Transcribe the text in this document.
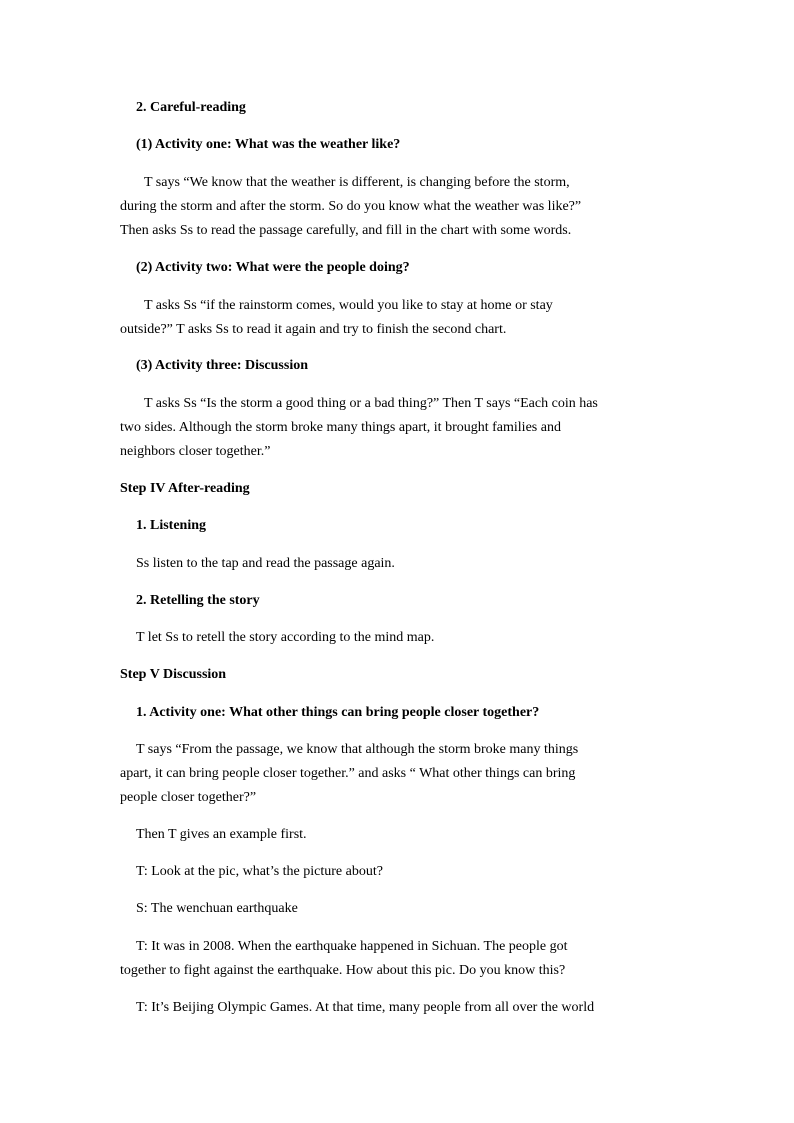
2. Careful-reading

(1) Activity one: What was the weather like?

T says “We know that the weather is different, is changing before the storm,
during the storm and after the storm. So do you know what the weather was like?”
Then asks Ss to read the passage carefully, and fill in the chart with some words.

(2) Activity two: What were the people doing?

T asks Ss “if the rainstorm comes, would you like to stay at home or stay
outside?” T asks Ss to read it again and try to finish the second chart.

(3) Activity three: Discussion

T asks Ss “Is the storm a good thing or a bad thing?” Then T says “Each coin has
two sides. Although the storm broke many things apart, it brought families and
neighbors closer together.”

Step IV After-reading

1. Listening

Ss listen to the tap and read the passage again.

2. Retelling the story

T let Ss to retell the story according to the mind map.

Step V Discussion

1. Activity one: What other things can bring people closer together?

T says “From the passage, we know that although the storm broke many things
apart, it can bring people closer together.” and asks “ What other things can bring
people closer together?”

Then T gives an example first.

T: Look at the pic, what’s the picture about?

S: The wenchuan earthquake

T: It was in 2008. When the earthquake happened in Sichuan. The people got
together to fight against the earthquake. How about this pic. Do you know this?

T: It’s Beijing Olympic Games. At that time, many people from all over the world
